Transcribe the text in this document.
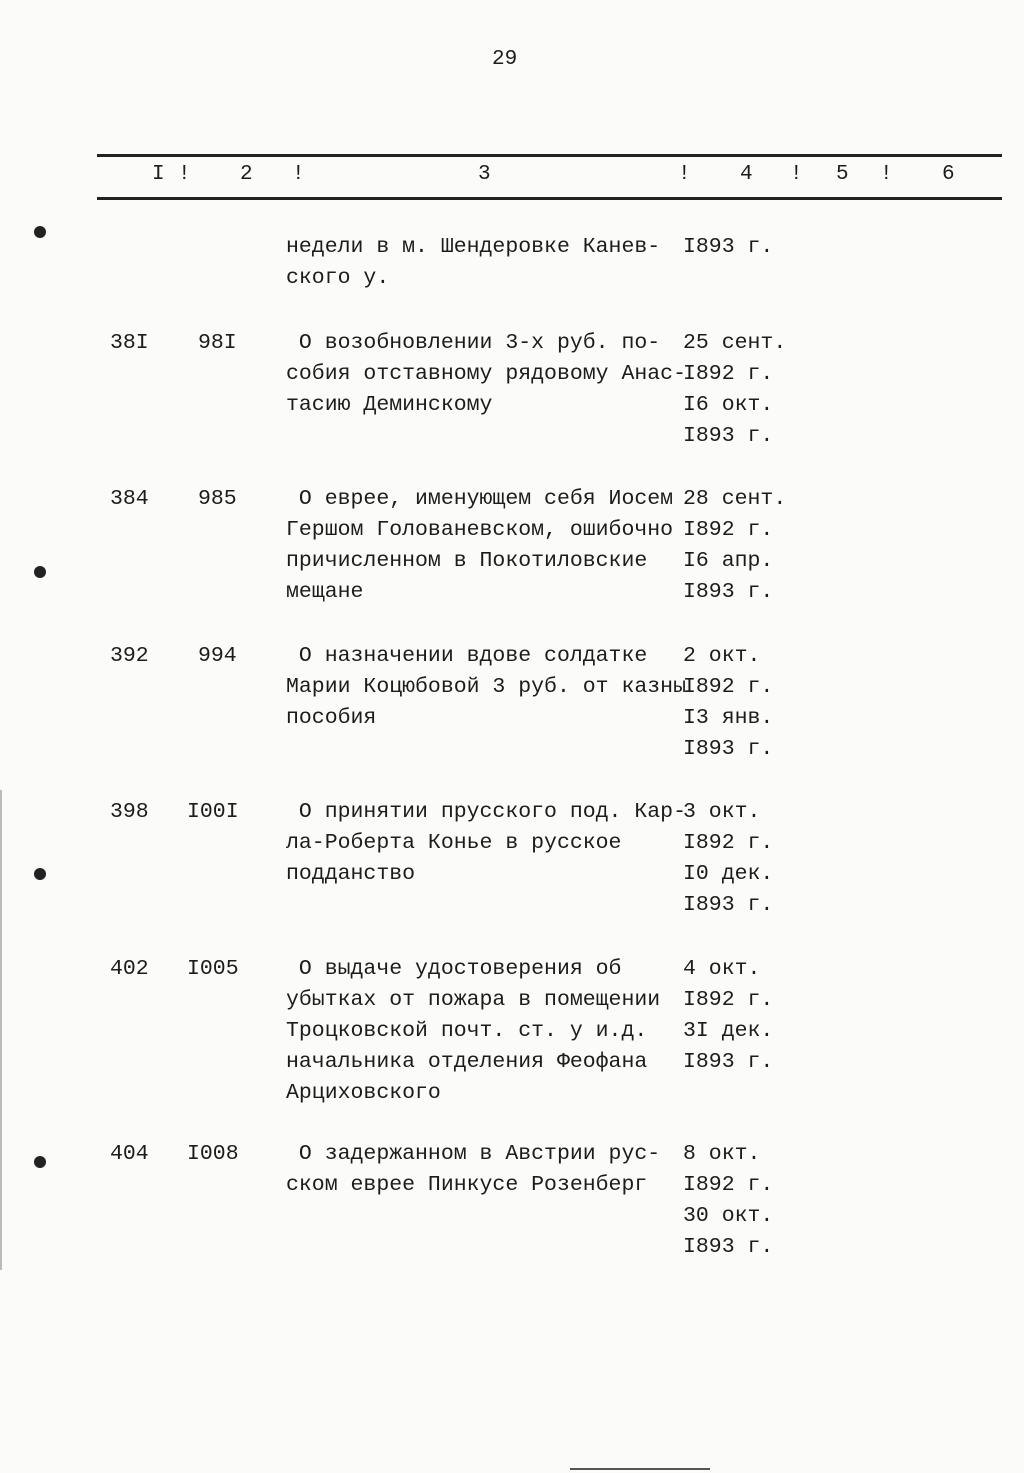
29
I ! 2 !	3	! 4 ! 5 ! 6
недели в м. Шендеровке Канев-
ского у.
I893 г.
38I 98I О возобновлении 3-х руб. по-
собия отставному рядовому Анас-
тасию Деминскому
25 сент.
I892 г.
I6 окт.
I893 г.
384 985 О еврее, именующем себя Иосем
Гершом Голованевском, ошибочно
причисленном в Покотиловские
мещане
28 сент.
I892 г.
I6 апр.
I893 г.
392 994 О назначении вдове солдатке
Марии Коцюбовой 3 руб. от казны
пособия
2 окт.
I892 г.
I3 янв.
I893 г.
398 I00I О принятии прусского под. Кар-
ла-Роберта Конье в русское
подданство
3 окт.
I892 г.
I0 дек.
I893 г.
402 I005 О выдаче удостоверения об
убытках от пожара в помещении
Троцковской почт. ст. у и.д.
начальника отделения Феофана
Арциховского
4 окт.
I892 г.
3I дек.
I893 г.
404 I008 О задержанном в Австрии рус-
ском еврее Пинкусе Розенберг
8 окт.
I892 г.
30 окт.
I893 г.
